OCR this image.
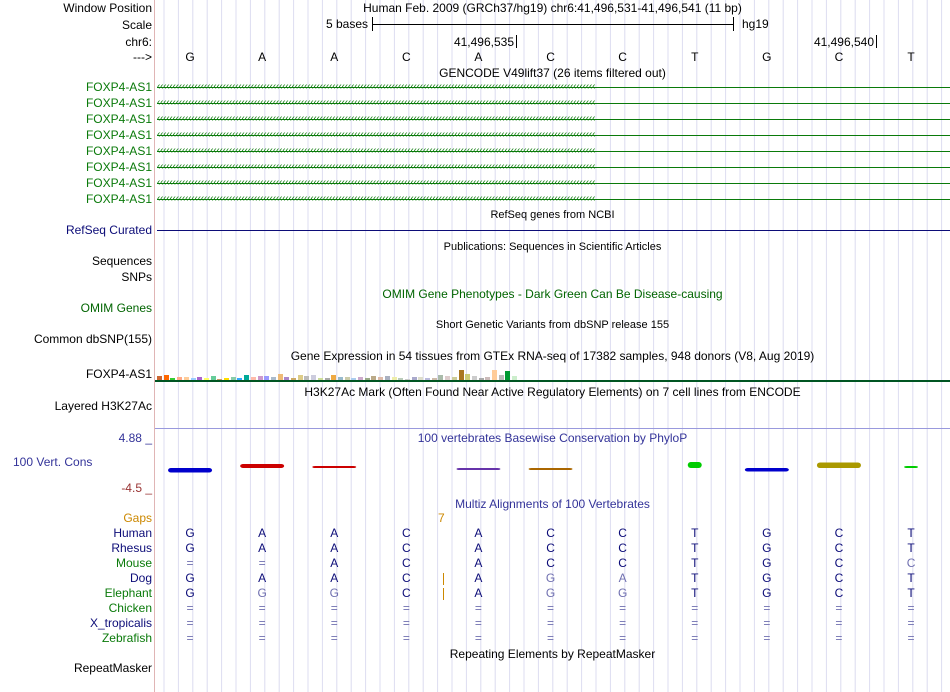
Window Position	Human Feb. 2009 (GRCh37/hg19) chr6:41,496,531-41,496,541 (11 bp)
Scale	5 bases	hg19
chr6:	41,496,535	41,496,540
--->	G	A	A	C	A	C	C	T	G	C	T
GENCODE V49lift37 (26 items filtered out)
FOXP4-AS1 ‹‹‹‹‹‹‹‹‹‹‹‹‹‹‹‹‹‹‹‹‹‹‹‹‹‹‹‹‹‹‹‹‹‹‹‹‹‹‹‹‹‹‹‹‹‹‹‹‹‹‹‹‹‹‹‹‹‹‹‹‹‹‹‹‹‹‹‹‹‹‹‹‹‹‹‹‹‹‹‹‹‹‹‹‹‹‹‹‹‹‹‹‹‹‹‹‹‹‹‹‹‹‹‹‹‹‹‹‹‹‹‹‹‹‹‹‹‹‹‹‹‹‹‹‹‹‹‹‹‹‹‹‹‹‹‹‹‹‹‹
FOXP4-AS1 ‹‹‹‹‹‹‹‹‹‹‹‹‹‹‹‹‹‹‹‹‹‹‹‹‹‹‹‹‹‹‹‹‹‹‹‹‹‹‹‹‹‹‹‹‹‹‹‹‹‹‹‹‹‹‹‹‹‹‹‹‹‹‹‹‹‹‹‹‹‹‹‹‹‹‹‹‹‹‹‹‹‹‹‹‹‹‹‹‹‹‹‹‹‹‹‹‹‹‹‹‹‹‹‹‹‹‹‹‹‹‹‹‹‹‹‹‹‹‹‹‹‹‹‹‹‹‹‹‹‹‹‹‹‹‹‹‹‹‹‹
FOXP4-AS1 ‹‹‹‹‹‹‹‹‹‹‹‹‹‹‹‹‹‹‹‹‹‹‹‹‹‹‹‹‹‹‹‹‹‹‹‹‹‹‹‹‹‹‹‹‹‹‹‹‹‹‹‹‹‹‹‹‹‹‹‹‹‹‹‹‹‹‹‹‹‹‹‹‹‹‹‹‹‹‹‹‹‹‹‹‹‹‹‹‹‹‹‹‹‹‹‹‹‹‹‹‹‹‹‹‹‹‹‹‹‹‹‹‹‹‹‹‹‹‹‹‹‹‹‹‹‹‹‹‹‹‹‹‹‹‹‹‹‹‹‹
FOXP4-AS1 ‹‹‹‹‹‹‹‹‹‹‹‹‹‹‹‹‹‹‹‹‹‹‹‹‹‹‹‹‹‹‹‹‹‹‹‹‹‹‹‹‹‹‹‹‹‹‹‹‹‹‹‹‹‹‹‹‹‹‹‹‹‹‹‹‹‹‹‹‹‹‹‹‹‹‹‹‹‹‹‹‹‹‹‹‹‹‹‹‹‹‹‹‹‹‹‹‹‹‹‹‹‹‹‹‹‹‹‹‹‹‹‹‹‹‹‹‹‹‹‹‹‹‹‹‹‹‹‹‹‹‹‹‹‹‹‹‹‹‹‹
FOXP4-AS1 ‹‹‹‹‹‹‹‹‹‹‹‹‹‹‹‹‹‹‹‹‹‹‹‹‹‹‹‹‹‹‹‹‹‹‹‹‹‹‹‹‹‹‹‹‹‹‹‹‹‹‹‹‹‹‹‹‹‹‹‹‹‹‹‹‹‹‹‹‹‹‹‹‹‹‹‹‹‹‹‹‹‹‹‹‹‹‹‹‹‹‹‹‹‹‹‹‹‹‹‹‹‹‹‹‹‹‹‹‹‹‹‹‹‹‹‹‹‹‹‹‹‹‹‹‹‹‹‹‹‹‹‹‹‹‹‹‹‹‹‹
FOXP4-AS1 ‹‹‹‹‹‹‹‹‹‹‹‹‹‹‹‹‹‹‹‹‹‹‹‹‹‹‹‹‹‹‹‹‹‹‹‹‹‹‹‹‹‹‹‹‹‹‹‹‹‹‹‹‹‹‹‹‹‹‹‹‹‹‹‹‹‹‹‹‹‹‹‹‹‹‹‹‹‹‹‹‹‹‹‹‹‹‹‹‹‹‹‹‹‹‹‹‹‹‹‹‹‹‹‹‹‹‹‹‹‹‹‹‹‹‹‹‹‹‹‹‹‹‹‹‹‹‹‹‹‹‹‹‹‹‹‹‹‹‹‹
FOXP4-AS1 ‹‹‹‹‹‹‹‹‹‹‹‹‹‹‹‹‹‹‹‹‹‹‹‹‹‹‹‹‹‹‹‹‹‹‹‹‹‹‹‹‹‹‹‹‹‹‹‹‹‹‹‹‹‹‹‹‹‹‹‹‹‹‹‹‹‹‹‹‹‹‹‹‹‹‹‹‹‹‹‹‹‹‹‹‹‹‹‹‹‹‹‹‹‹‹‹‹‹‹‹‹‹‹‹‹‹‹‹‹‹‹‹‹‹‹‹‹‹‹‹‹‹‹‹‹‹‹‹‹‹‹‹‹‹‹‹‹‹‹‹
FOXP4-AS1 ‹‹‹‹‹‹‹‹‹‹‹‹‹‹‹‹‹‹‹‹‹‹‹‹‹‹‹‹‹‹‹‹‹‹‹‹‹‹‹‹‹‹‹‹‹‹‹‹‹‹‹‹‹‹‹‹‹‹‹‹‹‹‹‹‹‹‹‹‹‹‹‹‹‹‹‹‹‹‹‹‹‹‹‹‹‹‹‹‹‹‹‹‹‹‹‹‹‹‹‹‹‹‹‹‹‹‹‹‹‹‹‹‹‹‹‹‹‹‹‹‹‹‹‹‹‹‹‹‹‹‹‹‹‹‹‹‹‹‹‹
RefSeq genes from NCBI
RefSeq Curated
Publications: Sequences in Scientific Articles
Sequences
SNPs
OMIM Gene Phenotypes - Dark Green Can Be Disease-causing
OMIM Genes
Short Genetic Variants from dbSNP release 155
Common dbSNP(155)
Gene Expression in 54 tissues from GTEx RNA-seq of 17382 samples, 948 donors (V8, Aug 2019)
FOXP4-AS1
H3K27Ac Mark (Often Found Near Active Regulatory Elements) on 7 cell lines from ENCODE
Layered H3K27Ac
100 vertebrates Basewise Conservation by PhyloP
4.88 _
100 Vert. Cons
-4.5 _
Multiz Alignments of 100 Vertebrates
Gaps	7
Human	G	A	A	C	A	C	C	T	G	C	T
Rhesus	G	A	A	C	A	C	C	T	G	C	T
Mouse	=	=	A	C	A	C	C	T	G	C	C
Dog	G	A	A	C	A	G	A	T	G	C	T
Elephant	G	G	G	C	A	G	G	T	G	C	T
Chicken	=	=	=	=	=	=	=	=	=	=	=
X_tropicalis	=	=	=	=	=	=	=	=	=	=	=
Zebrafish	=	=	=	=	=	=	=	=	=	=	=
Repeating Elements by RepeatMasker
RepeatMasker
